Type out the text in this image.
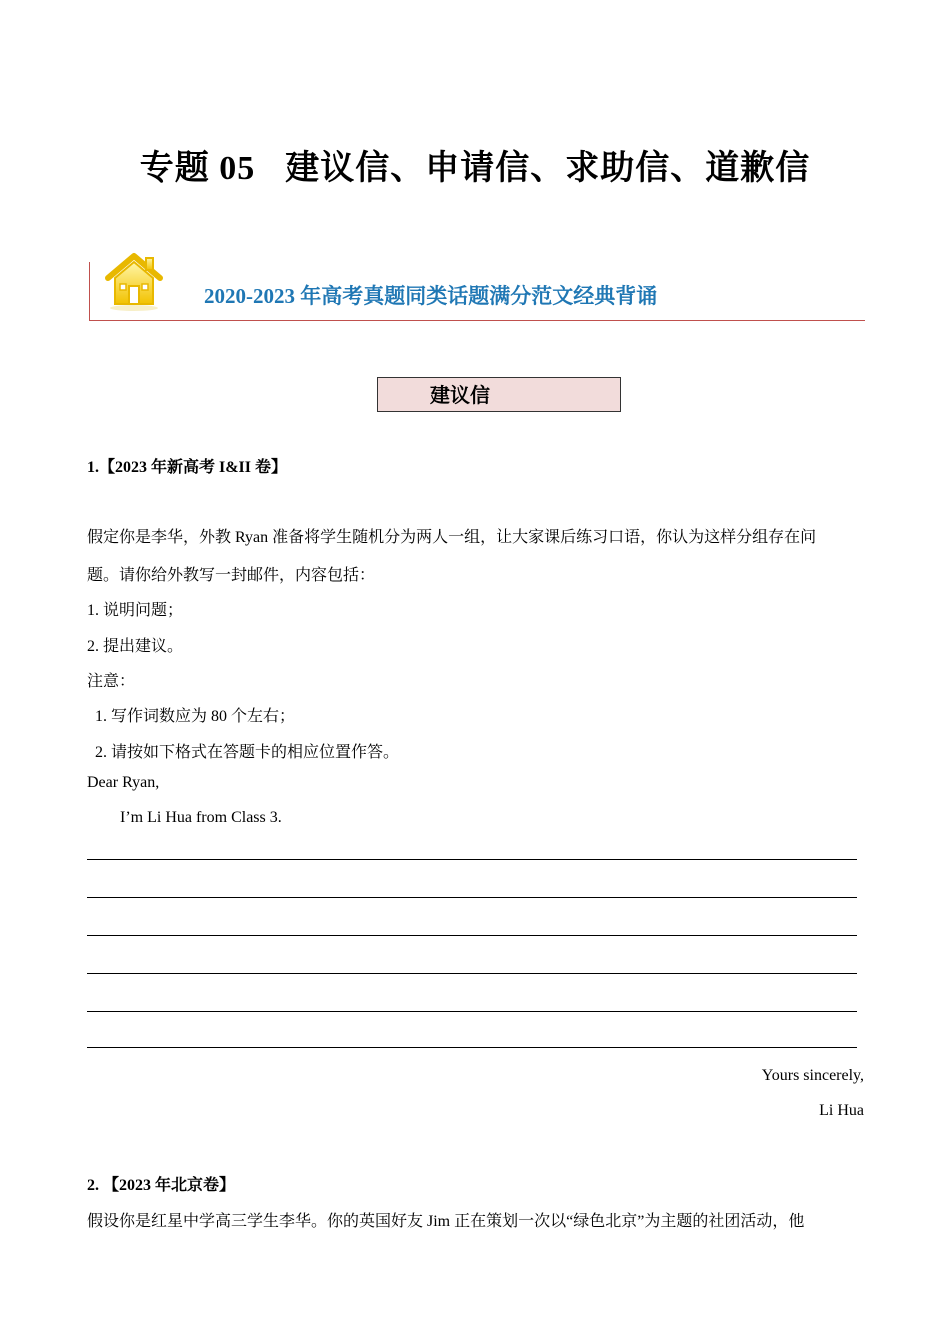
专题 05 建议信、申请信、求助信、道歉信
2020-2023 年高考真题同类话题满分范文经典背诵
建议信
1.【2023 年新高考 I&II 卷】
假定你是李华，外教 Ryan 准备将学生随机分为两人一组，让大家课后练习口语，你认为这样分组存在问
题。请你给外教写一封邮件，内容包括：
1. 说明问题；
2. 提出建议。
注意：
1. 写作词数应为 80 个左右；
2. 请按如下格式在答题卡的相应位置作答。
Dear Ryan,
I’m Li Hua from Class 3.
Yours sincerely,
Li Hua
2. 【2023 年北京卷】
假设你是红星中学高三学生李华。你的英国好友 Jim 正在策划一次以“绿色北京”为主题的社团活动，他
